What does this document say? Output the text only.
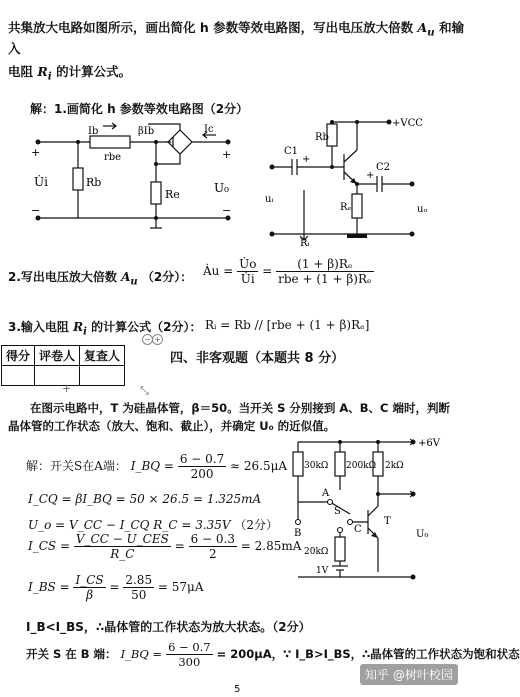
共集放大电路如图所示，画出简化 h 参数等效电路图，写出电压放大倍数 $A_u$ 和输入
电阻 $R_i$ 的计算公式。
解：1.画简化 h 参数等效电路图（2分）
+
−
U̇i	Rb
Ib
rbe
βIb	Ic
Re
+
U₀
−
Rb
+VCC
C1
+
C2
+
Rₑ
uᵢ
uₒ
Rᵢ
2.写出电压放大倍数 $A_u$ （2分）： Ȧu = $\frac{U̇o}{U̇i} = \frac{\text{(1 + β)Rₑ}}{\text{rbe + (1 + β)Rₑ}}$
3.输入电阻 $R_i$ 的计算公式（2分）： Rᵢ = Rb // [rbe + (1 + β)Rₑ]
− +
得分	评卷人	复查人

+	⤡
四、非客观题（本题共 8 分）
在图示电路中，T 为硅晶体管，β＝50。当开关 S 分别接到 A、B、C 端时，判断
晶体管的工作状态（放大、饱和、截止），并确定 U₀ 的近似值。
+6V
30kΩ 200kΩ 2kΩ
A
S
C
B
T
U₀
20kΩ
1V
解：开关S在A端： I_BQ = $\frac{6 - 0.7}{200} \approx 26.5\mu A$
I_CQ = βI_BQ = 50 × 26.5 = 1.325mA
U_o = V_CC − I_CQ R_C = 3.35V （2分）
I_CS = $\frac{\text{V\_CC − U\_CES}}{R\_C} = \frac{6 - 0.3}{2} = 2.85mA$
I_BS = $\frac{I\_CS}{\beta} = \frac{2.85}{50} = 57\mu A$
I_B<I_BS，∴晶体管的工作状态为放大状态。（2分）
开关 S 在 B 端： I_BQ = $\frac{6 - 0.7}{300} = 200\mu A$，∵ I_B>I_BS，∴晶体管的工作状态为饱和状态
5
知乎 @树叶校园
